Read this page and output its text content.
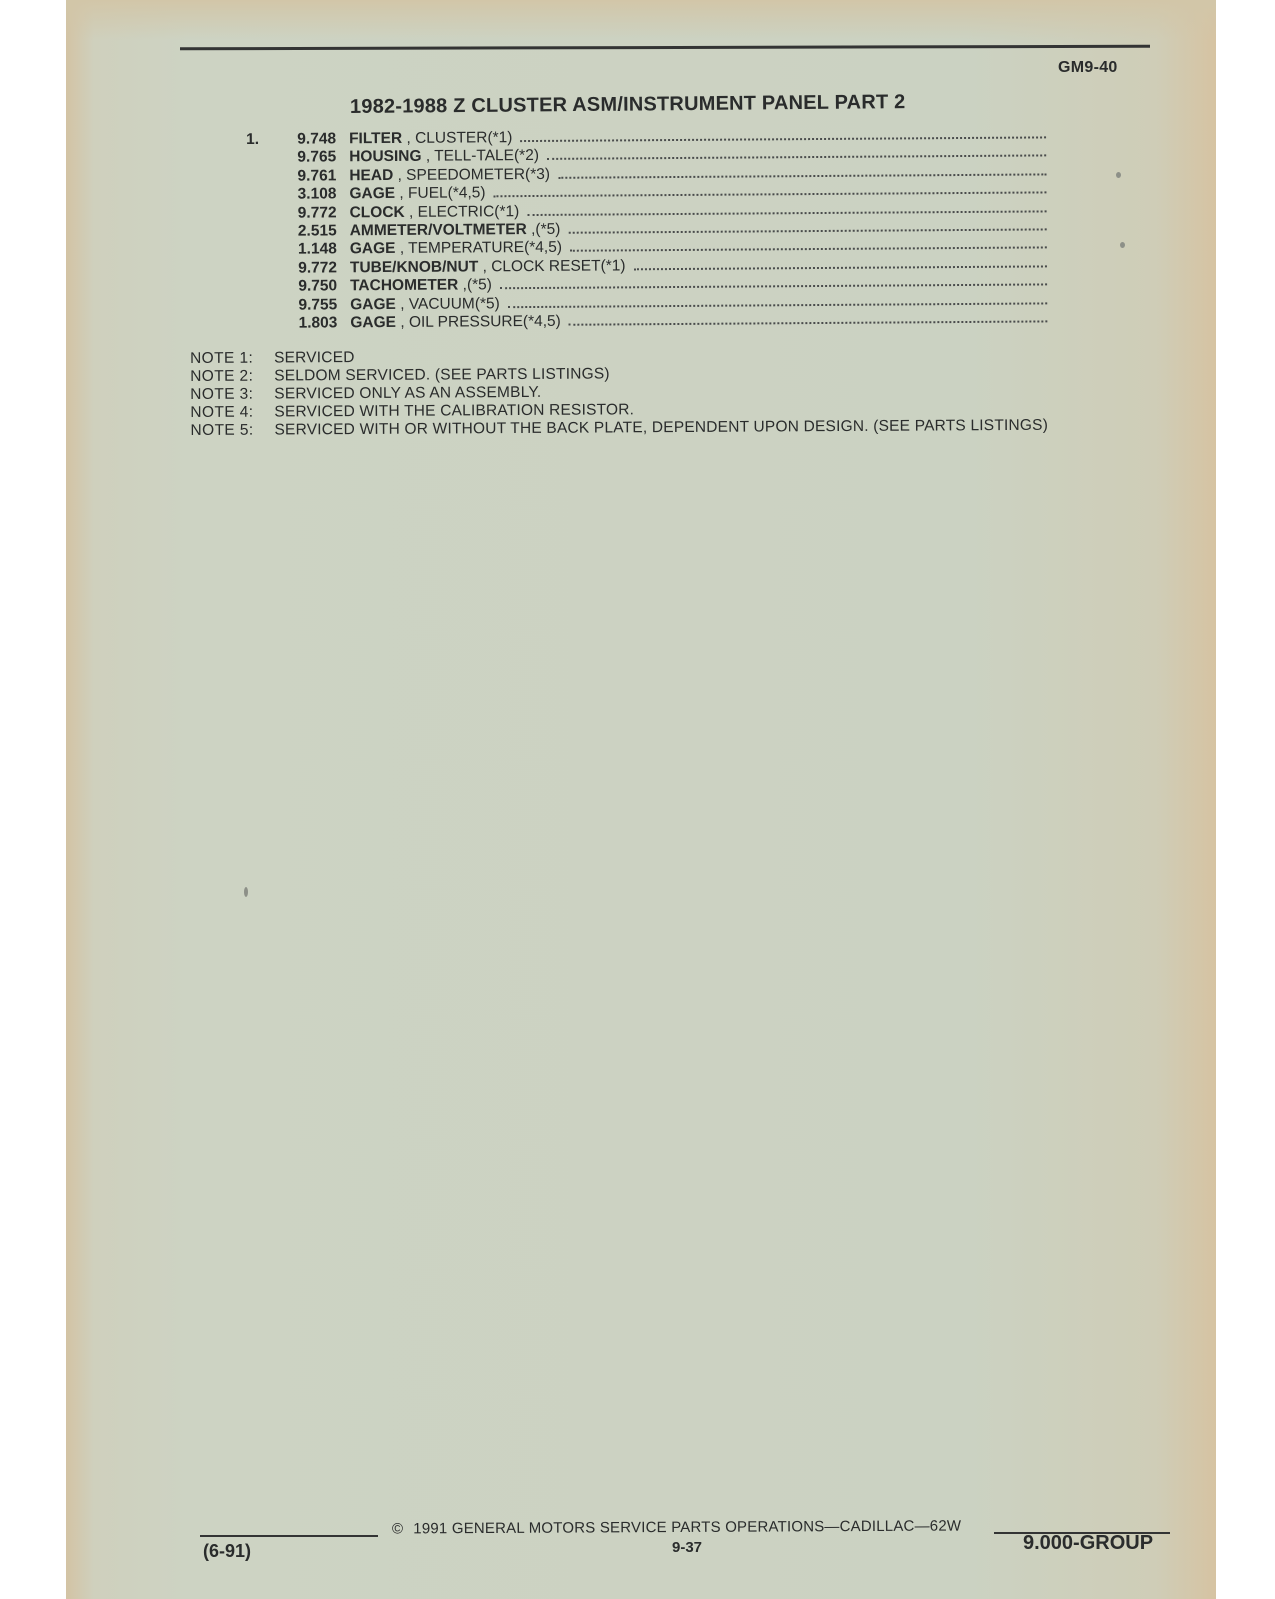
GM9-40
1982-1988 Z CLUSTER ASM/INSTRUMENT PANEL PART 2
1.	9.748 FILTER , CLUSTER(*1)
9.765 HOUSING , TELL-TALE(*2)
9.761 HEAD , SPEEDOMETER(*3)
3.108 GAGE , FUEL(*4,5)
9.772 CLOCK , ELECTRIC(*1)
2.515 AMMETER/VOLTMETER ,(*5)
1.148 GAGE , TEMPERATURE(*4,5)
9.772 TUBE/KNOB/NUT , CLOCK RESET(*1)
9.750 TACHOMETER ,(*5)
9.755 GAGE , VACUUM(*5)
1.803 GAGE , OIL PRESSURE(*4,5)
NOTE 1: SERVICED
NOTE 2: SELDOM SERVICED. (SEE PARTS LISTINGS)
NOTE 3: SERVICED ONLY AS AN ASSEMBLY.
NOTE 4: SERVICED WITH THE CALIBRATION RESISTOR.
NOTE 5: SERVICED WITH OR WITHOUT THE BACK PLATE, DEPENDENT UPON DESIGN. (SEE PARTS LISTINGS)
© 1991 GENERAL MOTORS SERVICE PARTS OPERATIONS—CADILLAC—62W
(6-91)	9-37	9.000-GROUP
